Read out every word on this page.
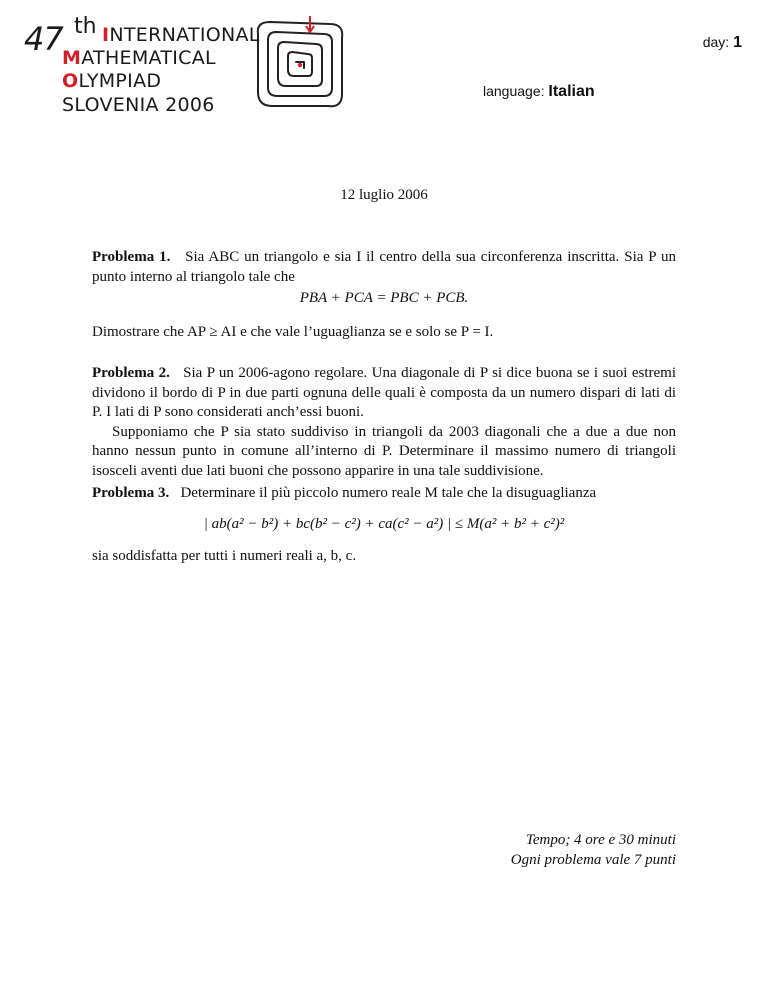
47 th INTERNATIONAL
MATHEMATICAL
OLYMPIAD
SLOVENIA 2006
day: 1
language: Italian
12 luglio 2006
Problema 1. Sia ABC un triangolo e sia I il centro della sua circonferenza inscritta. Sia P un punto interno al triangolo tale che
PBA + PCA = PBC + PCB.
Dimostrare che AP ≥ AI e che vale l’uguaglianza se e solo se P = I.
Problema 2. Sia P un 2006-agono regolare. Una diagonale di P si dice buona se i suoi estremi dividono il bordo di P in due parti ognuna delle quali è composta da un numero dispari di lati di P. I lati di P sono considerati anch’essi buoni.
Supponiamo che P sia stato suddiviso in triangoli da 2003 diagonali che a due a due non hanno nessun punto in comune all’interno di P. Determinare il massimo numero di triangoli isosceli aventi due lati buoni che possono apparire in una tale suddivisione.
Problema 3. Determinare il più piccolo numero reale M tale che la disuguaglianza
| ab(a² − b²) + bc(b² − c²) + ca(c² − a²) | ≤ M(a² + b² + c²)²
sia soddisfatta per tutti i numeri reali a, b, c.
Tempo; 4 ore e 30 minuti
Ogni problema vale 7 punti
